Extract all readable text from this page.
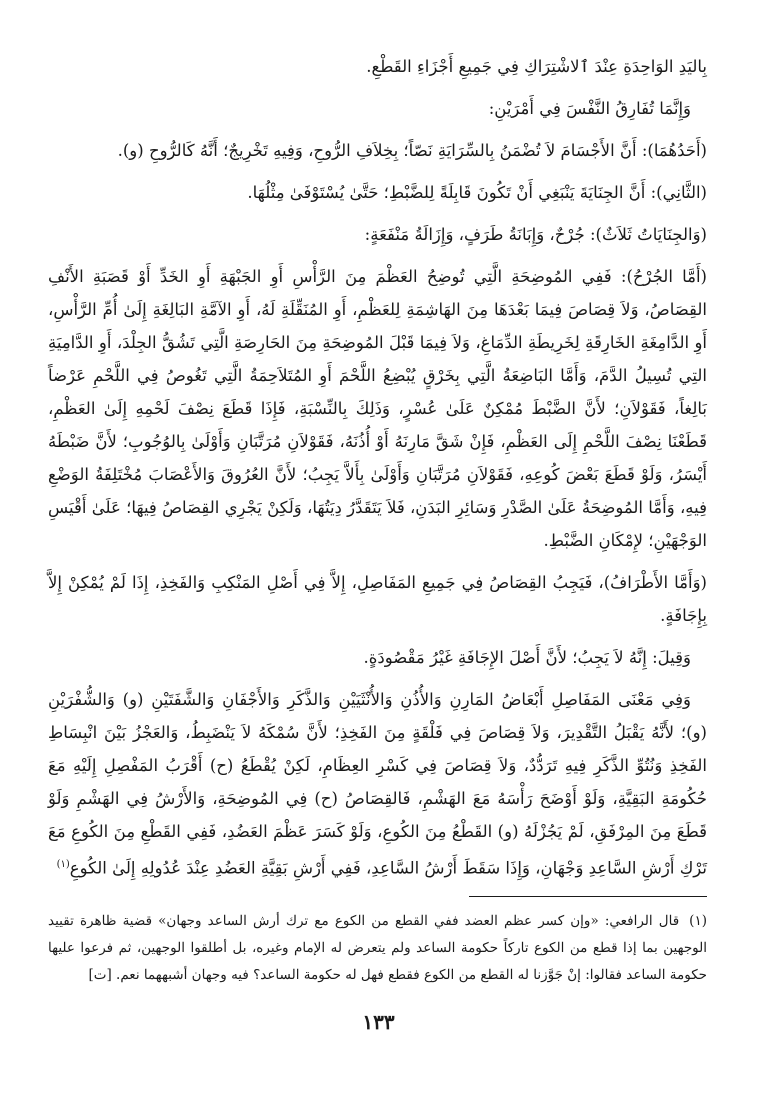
بِاليَدِ الوَاحِدَةِ عِنْدَ ٱلاشْتِرَاكِ فِي جَمِيعِ أَجْزَاءِ القَطْعِ.

وَإِنَّمَا تُفَارِقُ النَّفْسَ فِي أَمْرَيْنِ:

(أَحَدُهُمَا): أَنَّ الأَجْسَامَ لاَ تُضْمَنُ بِالسِّرَايَةِ نَصّاً؛ بِخِلاَفِ الرُّوحِ، وَفِيهِ تَخْرِيجٌ؛ أَنَّهُ كَالرُّوحِ (و).

(الثَّانِي): أَنَّ الجِنَايَةَ يَنْبَغِي أَنْ تَكُونَ قَابِلَةً لِلضَّبْطِ؛ حَتَّىٰ يُسْتَوْفَىٰ مِثْلُهَا.

(وَالجِنَايَاتُ ثَلاَثٌ): جُرْحٌ، وَإِبَانَةُ طَرَفٍ، وَإِزَالَةُ مَنْفَعَةٍ:

(أَمَّا الجُرْحُ): فَفِي المُوضِحَةِ الَّتِي تُوضِحُ العَظْمَ مِنَ الرَّأْسِ أَوِ الجَبْهَةِ أَوِ الخَدِّ أَوْ قَصَبَةِ الأَنْفِ القِصَاصُ، وَلاَ قِصَاصَ فِيمَا بَعْدَهَا مِنَ الهَاشِمَةِ لِلعَظْمِ، أَوِ المُنَقِّلَةِ لَهُ، أَوِ الآمَّةِ البَالِغَةِ إِلَىٰ أُمِّ الرَّأْسِ، أَوِ الدَّامِغَةِ الخَارِقَةِ لِخَرِيطَةِ الدِّمَاغِ، وَلاَ فِيمَا قَبْلَ المُوضِحَةِ مِنَ الحَارِصَةِ الَّتِي تَشُقُّ الجِلْدَ، أَوِ الدَّامِيَةِ التِي تُسِيلُ الدَّمَ، وَأَمَّا البَاضِعَةُ الَّتِي بِخَرْقٍ يُبْضِعُ اللَّحْمَ أَوِ المُتَلاَحِمَةُ الَّتِي تَغُوصُ فِي اللَّحْمِ عَرْضاً بَالِغاً، فَقَوْلاَنِ؛ لأَنَّ الضَّبْطَ مُمْكِنٌ عَلَىٰ عُسْرٍ، وَذَلِكَ بِالنِّسْبَةِ، فَإِذَا قَطَعَ نِصْفَ لَحْمِهِ إِلَىٰ العَظْمِ، قَطَعْنَا نِصْفَ اللَّحْمِ إِلَى العَظْمِ، فَإِنْ شَقَّ مَارِنَهُ أَوْ أُذُنَهُ، فَقَوْلاَنِ مُرَتَّبَانِ وَأَوْلَىٰ بِالوُجُوبِ؛ لأَنَّ ضَبْطَهُ أَيْسَرُ، وَلَوْ قَطَعَ بَعْضَ كُوعِهِ، فَقَوْلاَنِ مُرَتَّبَانِ وَأَوْلَىٰ بِأَلاَّ يَجِبُ؛ لأَنَّ العُرُوقَ وَالأَعْصَابَ مُخْتَلِفَةُ الوَضْعِ فِيهِ، وَأَمَّا المُوضِحَةُ عَلَىٰ الصَّدْرِ وَسَائِرِ البَدَنِ، فَلاَ يَتَقَدَّرُ دِيَتُهَا، وَلَكِنْ يَجْرِي القِصَاصُ فِيهَا؛ عَلَىٰ أَقْيَسِ الوَجْهَيْنِ؛ لإِمْكَانِ الضَّبْطِ.

(وَأَمَّا الأَطْرَافُ)، فَيَجِبُ القِصَاصُ فِي جَمِيعِ المَفَاصِلِ، إِلاَّ فِي أَصْلِ المَنْكِبِ وَالفَخِذِ، إِذَا لَمْ يُمْكِنْ إِلاَّ بِإِجَافَةٍ.

وَقِيلَ: إِنَّهُ لاَ يَجِبُ؛ لأَنَّ أَصْلَ الإِجَافَةِ غَيْرُ مَقْصُودَةٍ.

وَفِي مَعْنَى المَفَاصِلِ أَبْعَاضُ المَارِنِ وَالأُذُنِ وَالأُنْثَيَيْنِ وَالذَّكَرِ وَالأَجْفَانِ وَالشَّفَتَيْنِ (و) وَالشُّفْرَيْنِ (و)؛ لأَنَّهُ يَقْبَلُ التَّقْدِيرَ، وَلاَ قِصَاصَ فِي فَلْقَةٍ مِنَ الفَخِذِ؛ لأَنَّ سُمْكَهُ لاَ يَنْضَبِطُ، وَالعَجْزُ بَيْنَ انْبِسَاطِ الفَخِذِ وَنُتُوِّ الذَّكَرِ فِيهِ تَرَدُّدٌ، وَلاَ قِصَاصَ فِي كَسْرِ العِظَامِ، لَكِنْ يُقْطَعُ (ح) أَقْرَبُ المَفْصِلِ إِلَيْهِ مَعَ حُكُومَةِ البَقِيَّةِ، وَلَوْ أَوْضَحَ رَأْسَهُ مَعَ الهَشْمِ، فَالقِصَاصُ (ح) فِي المُوضِحَةِ، وَالأَرْشُ فِي الهَشْمِ وَلَوْ قَطَعَ مِنَ المِرْفَقِ، لَمْ يَجُزْلَهُ (و) القَطْعُ مِنَ الكُوعِ، وَلَوْ كَسَرَ عَظْمَ العَضُدِ، فَفِي القَطْعِ مِنَ الكُوعِ مَعَ تَرْكِ أَرْشِ السَّاعِدِ وَجْهَانِ، وَإِذَا سَقَطَ أَرْشُ السَّاعِدِ، فَفِي أَرْشِ بَقِيَّةِ العَضُدِ عِنْدَ عُدُولِهِ إِلَىٰ الكُوعِ$^{(١)}$

(١)قال الرافعي: «وإن كسر عظم العضد ففي القطع من الكوع مع ترك أرش الساعد وجهان» قضية ظاهرة تقييد الوجهين بما إذا قطع من الكوع تاركاً حكومة الساعد ولم يتعرض له الإمام وغيره، بل أطلقوا الوجهين، ثم فرعوا عليها حكومة الساعد فقالوا: إنْ جَوَّزنا له القطع من الكوع فقطع فهل له حكومة الساعد؟ فيه وجهان أشبههما نعم. [ت]
١٣٣
